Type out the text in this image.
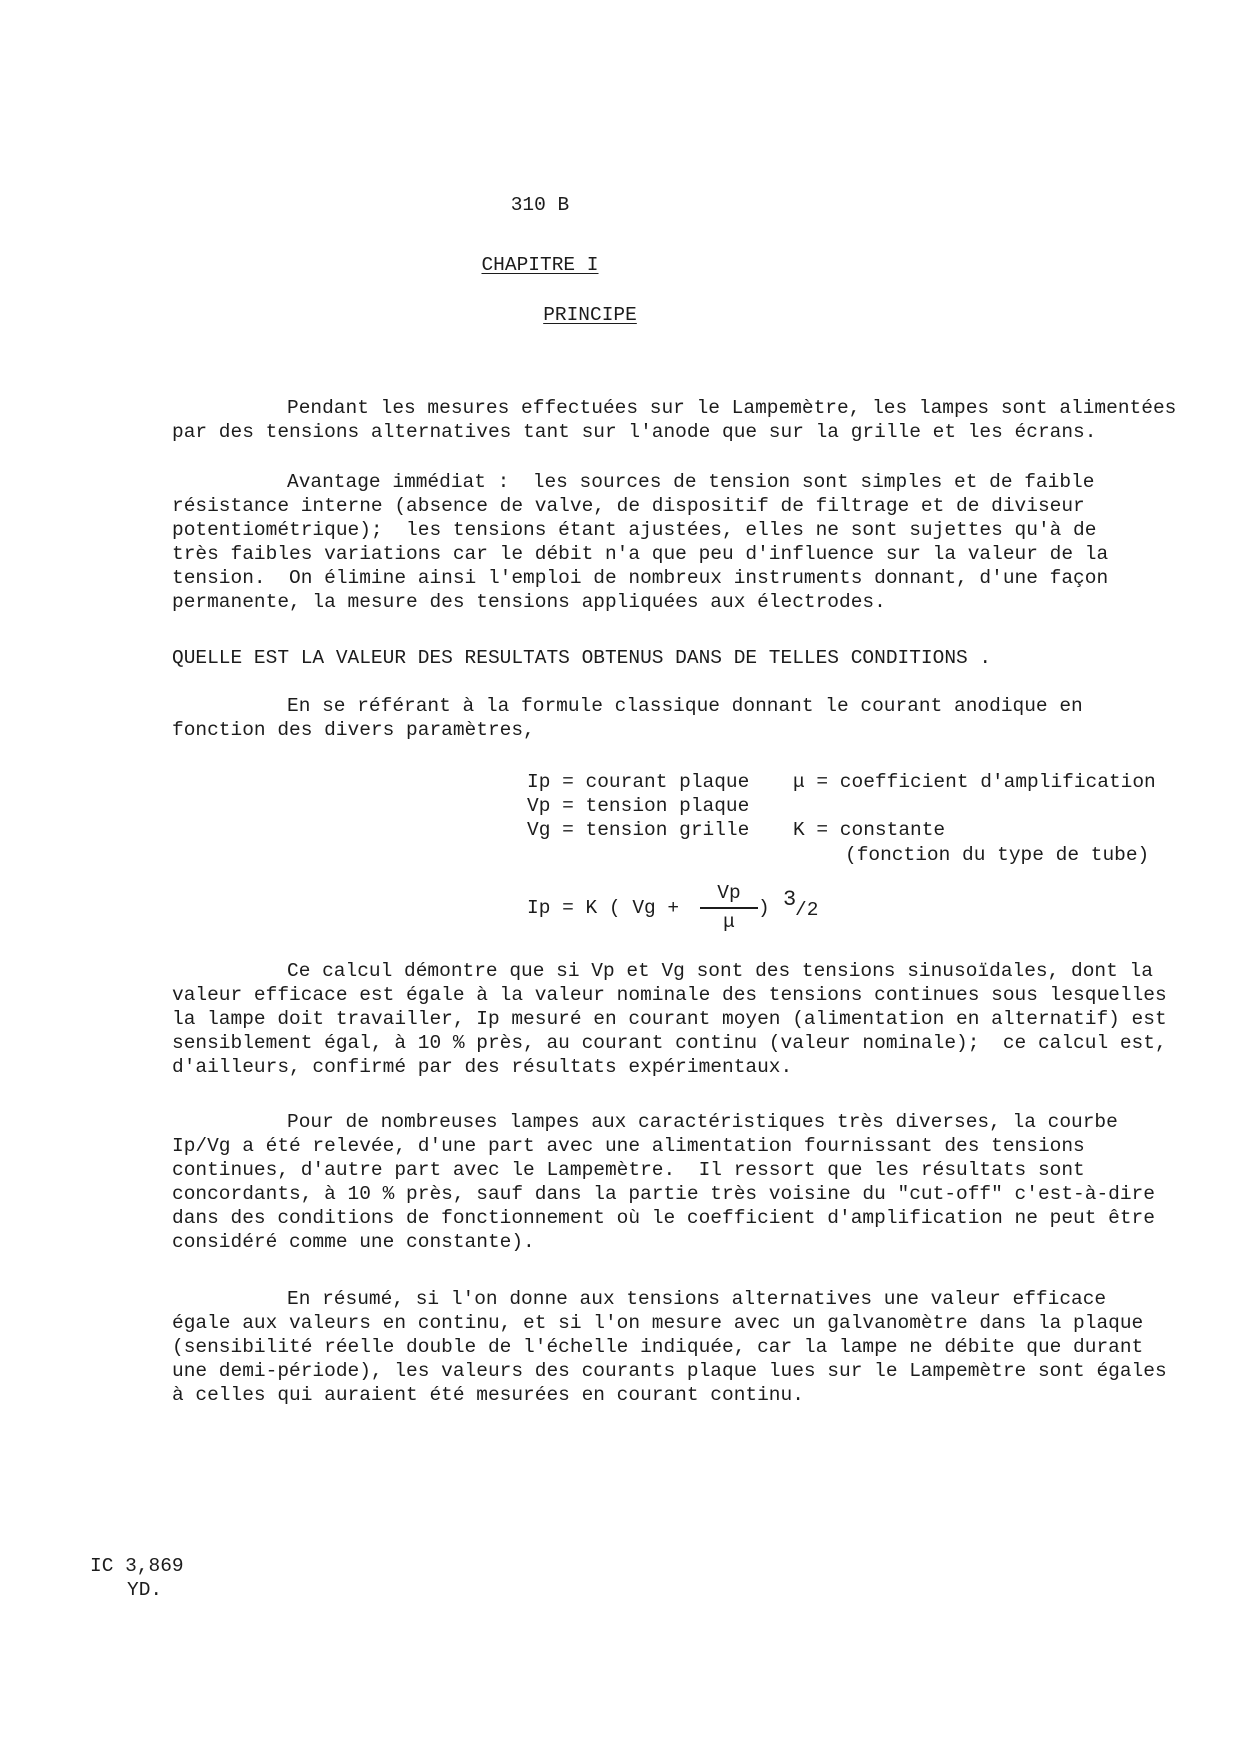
310 B
CHAPITRE I
PRINCIPE
Pendant les mesures effectuées sur le Lampemètre, les lampes sont alimentées
par des tensions alternatives tant sur l'anode que sur la grille et les écrans.
Avantage immédiat :  les sources de tension sont simples et de faible
résistance interne (absence de valve, de dispositif de filtrage et de diviseur
potentiométrique);  les tensions étant ajustées, elles ne sont sujettes qu'à de
très faibles variations car le débit n'a que peu d'influence sur la valeur de la
tension.  On élimine ainsi l'emploi de nombreux instruments donnant, d'une façon
permanente, la mesure des tensions appliquées aux électrodes.
QUELLE EST LA VALEUR DES RESULTATS OBTENUS DANS DE TELLES CONDITIONS .
En se référant à la formule classique donnant le courant anodique en
fonction des divers paramètres,
Ip = courant plaque
Vp = tension plaque
Vg = tension grille
μ = coefficient d'amplification
K = constante
(fonction du type de tube)
Ip = K ( Vg +
Vp
μ
) 3
/2
Ce calcul démontre que si Vp et Vg sont des tensions sinusoïdales, dont la
valeur efficace est égale à la valeur nominale des tensions continues sous lesquelles
la lampe doit travailler, Ip mesuré en courant moyen (alimentation en alternatif) est
sensiblement égal, à 10 % près, au courant continu (valeur nominale);  ce calcul est,
d'ailleurs, confirmé par des résultats expérimentaux.
Pour de nombreuses lampes aux caractéristiques très diverses, la courbe
Ip/Vg a été relevée, d'une part avec une alimentation fournissant des tensions
continues, d'autre part avec le Lampemètre.  Il ressort que les résultats sont
concordants, à 10 % près, sauf dans la partie très voisine du "cut-off" c'est-à-dire
dans des conditions de fonctionnement où le coefficient d'amplification ne peut être
considéré comme une constante).
En résumé, si l'on donne aux tensions alternatives une valeur efficace
égale aux valeurs en continu, et si l'on mesure avec un galvanomètre dans la plaque
(sensibilité réelle double de l'échelle indiquée, car la lampe ne débite que durant
une demi-période), les valeurs des courants plaque lues sur le Lampemètre sont égales
à celles qui auraient été mesurées en courant continu.
IC 3,869
YD.
